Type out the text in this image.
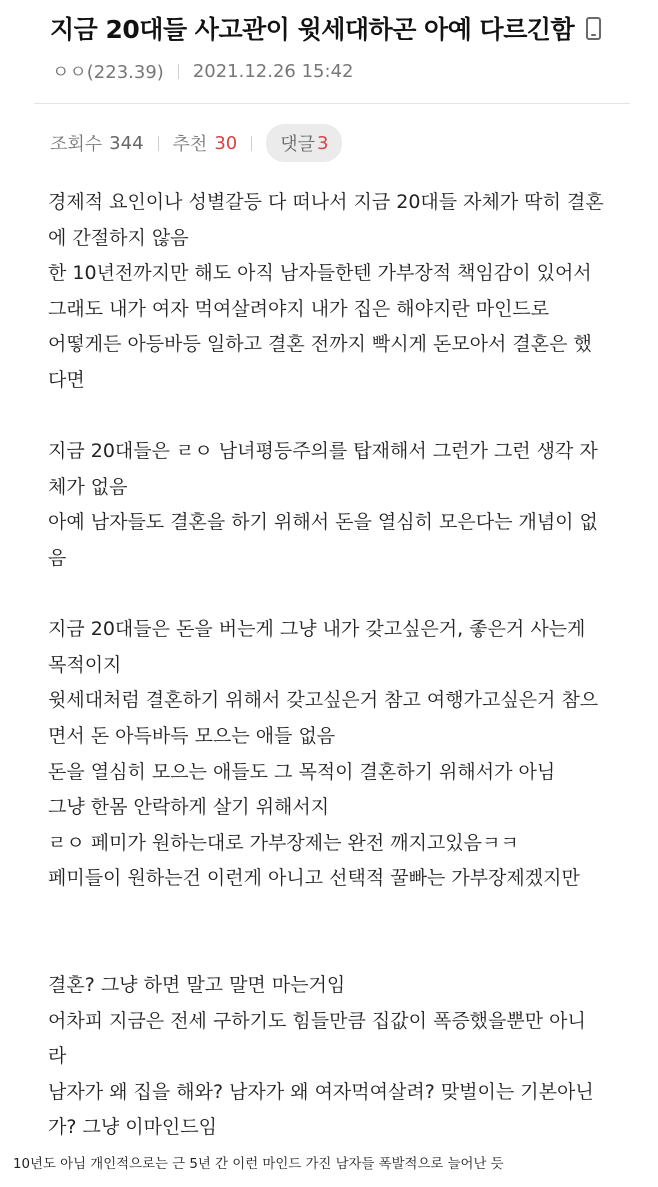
지금 20대들 사고관이 윗세대하곤 아예 다르긴함
ㅇㅇ(223.39) 2021.12.26 15:42
조회수 344 추천 30 댓글 3
경제적 요인이나 성별갈등 다 떠나서 지금 20대들 자체가 딱히 결혼
에 간절하지 않음
한 10년전까지만 해도 아직 남자들한텐 가부장적 책임감이 있어서
그래도 내가 여자 먹여살려야지 내가 집은 해야지란 마인드로
어떻게든 아등바등 일하고 결혼 전까지 빡시게 돈모아서 결혼은 했
다면
지금 20대들은 ㄹㅇ 남녀평등주의를 탑재해서 그런가 그런 생각 자
체가 없음
아예 남자들도 결혼을 하기 위해서 돈을 열심히 모은다는 개념이 없
음
지금 20대들은 돈을 버는게 그냥 내가 갖고싶은거, 좋은거 사는게
목적이지
윗세대처럼 결혼하기 위해서 갖고싶은거 참고 여행가고싶은거 참으
면서 돈 아득바득 모으는 애들 없음
돈을 열심히 모으는 애들도 그 목적이 결혼하기 위해서가 아님
그냥 한몸 안락하게 살기 위해서지
ㄹㅇ 페미가 원하는대로 가부장제는 완전 깨지고있음ㅋㅋ
페미들이 원하는건 이런게 아니고 선택적 꿀빠는 가부장제겠지만
결혼? 그냥 하면 말고 말면 마는거임
어차피 지금은 전세 구하기도 힘들만큼 집값이 폭증했을뿐만 아니
라
남자가 왜 집을 해와? 남자가 왜 여자먹여살려? 맞벌이는 기본아닌
가? 그냥 이마인드임
10년도 아님 개인적으로는 근 5년 간 이런 마인드 가진 남자들 폭발적으로 늘어난 듯
